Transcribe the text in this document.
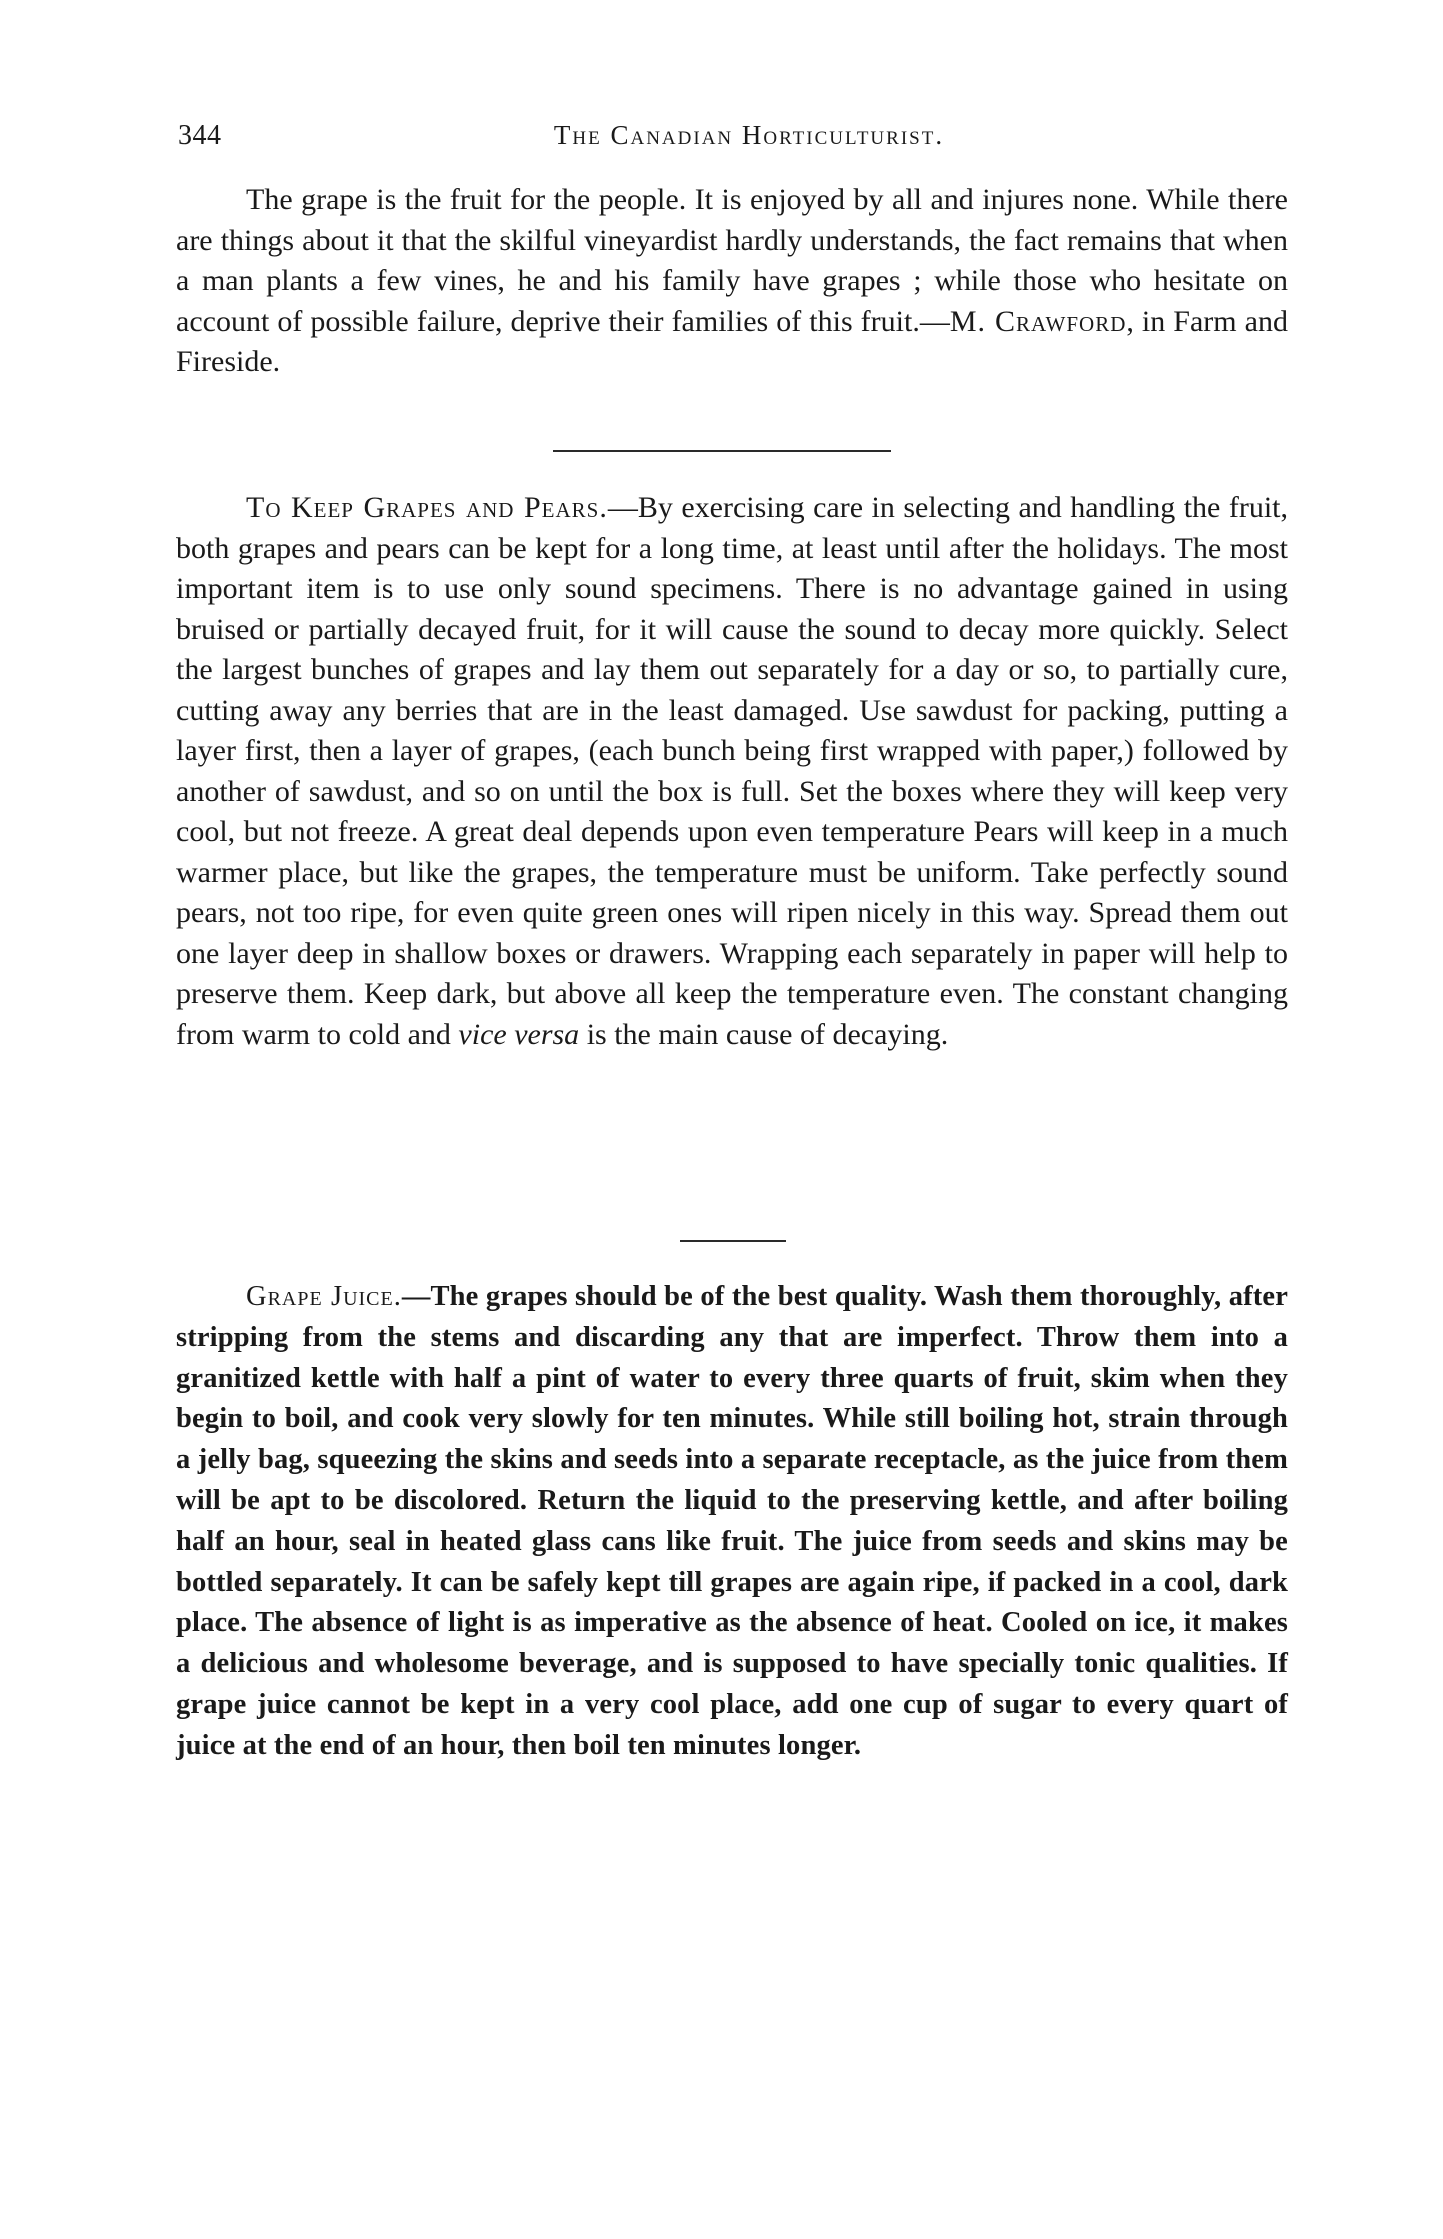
344	The Canadian Horticulturist.

The grape is the fruit for the people. It is enjoyed by all and injures none. While there are things about it that the skilful vineyardist hardly understands, the fact remains that when a man plants a few vines, he and his family have grapes ; while those who hesitate on account of possible failure, deprive their families of this fruit.—M. Crawford, in Farm and Fireside.

To Keep Grapes and Pears.—By exercising care in selecting and handling the fruit, both grapes and pears can be kept for a long time, at least until after the holidays. The most important item is to use only sound specimens. There is no advantage gained in using bruised or partially decayed fruit, for it will cause the sound to decay more quickly. Select the largest bunches of grapes and lay them out separately for a day or so, to partially cure, cutting away any berries that are in the least damaged. Use sawdust for packing, putting a layer first, then a layer of grapes, (each bunch being first wrapped with paper,) followed by another of sawdust, and so on until the box is full. Set the boxes where they will keep very cool, but not freeze. A great deal depends upon even temperature Pears will keep in a much warmer place, but like the grapes, the temperature must be uniform. Take perfectly sound pears, not too ripe, for even quite green ones will ripen nicely in this way. Spread them out one layer deep in shallow boxes or drawers. Wrapping each separately in paper will help to preserve them. Keep dark, but above all keep the temperature even. The constant changing from warm to cold and vice versa is the main cause of decaying.

Grape Juice.—The grapes should be of the best quality. Wash them thoroughly, after stripping from the stems and discarding any that are imperfect. Throw them into a granitized kettle with half a pint of water to every three quarts of fruit, skim when they begin to boil, and cook very slowly for ten minutes. While still boiling hot, strain through a jelly bag, squeezing the skins and seeds into a separate receptacle, as the juice from them will be apt to be discolored. Return the liquid to the preserving kettle, and after boiling half an hour, seal in heated glass cans like fruit. The juice from seeds and skins may be bottled separately. It can be safely kept till grapes are again ripe, if packed in a cool, dark place. The absence of light is as imperative as the absence of heat. Cooled on ice, it makes a delicious and wholesome beverage, and is supposed to have specially tonic qualities. If grape juice cannot be kept in a very cool place, add one cup of sugar to every quart of juice at the end of an hour, then boil ten minutes longer.
